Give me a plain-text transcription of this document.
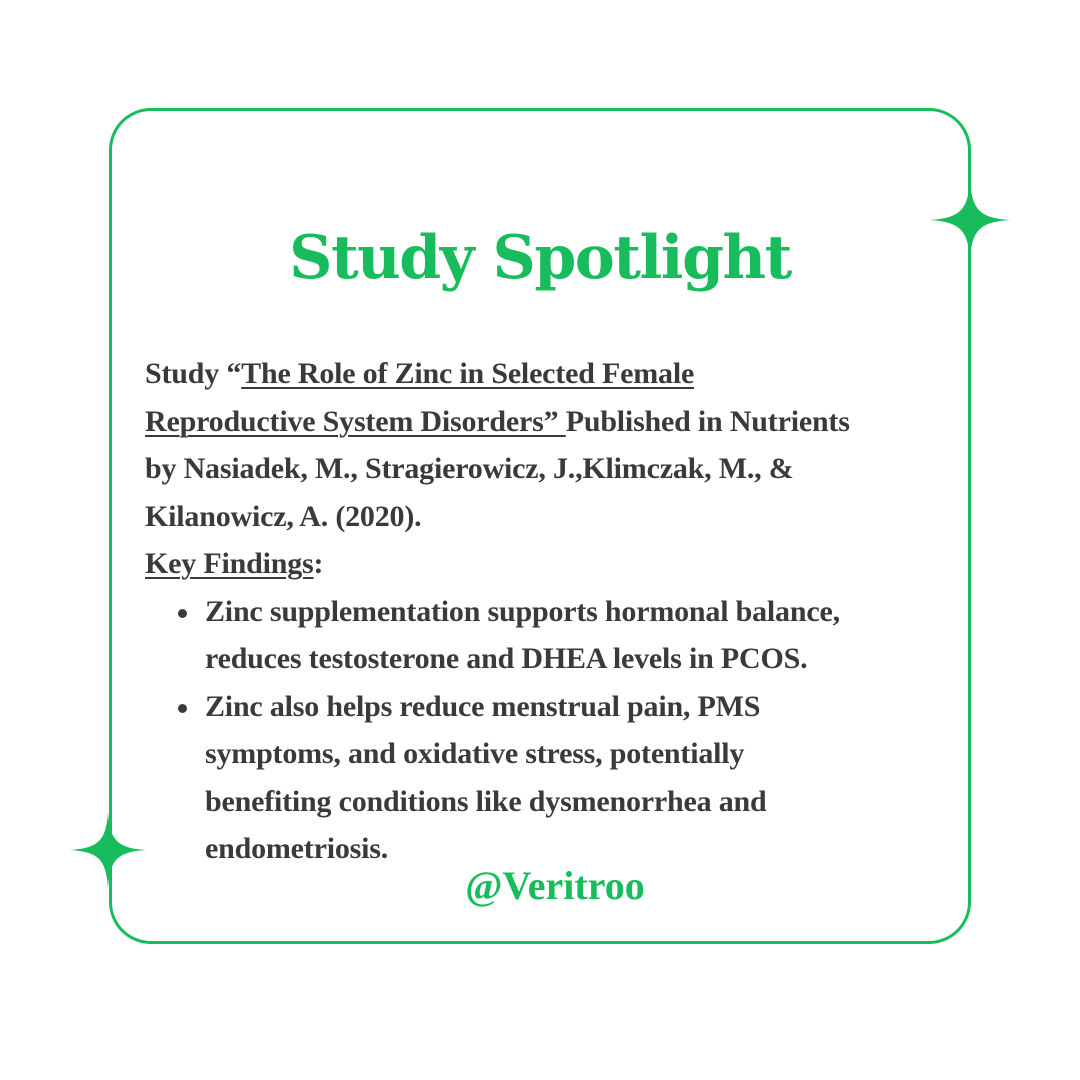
Study Spotlight
Study “The Role of Zinc in Selected Female
Reproductive System Disorders” Published in Nutrients
by Nasiadek, M., Stragierowicz, J.,Klimczak, M., &
Kilanowicz, A. (2020).
Key Findings:
Zinc supplementation supports hormonal balance,
reduces testosterone and DHEA levels in PCOS.
Zinc also helps reduce menstrual pain, PMS
symptoms, and oxidative stress, potentially
benefiting conditions like dysmenorrhea and
endometriosis.
@Veritroo
